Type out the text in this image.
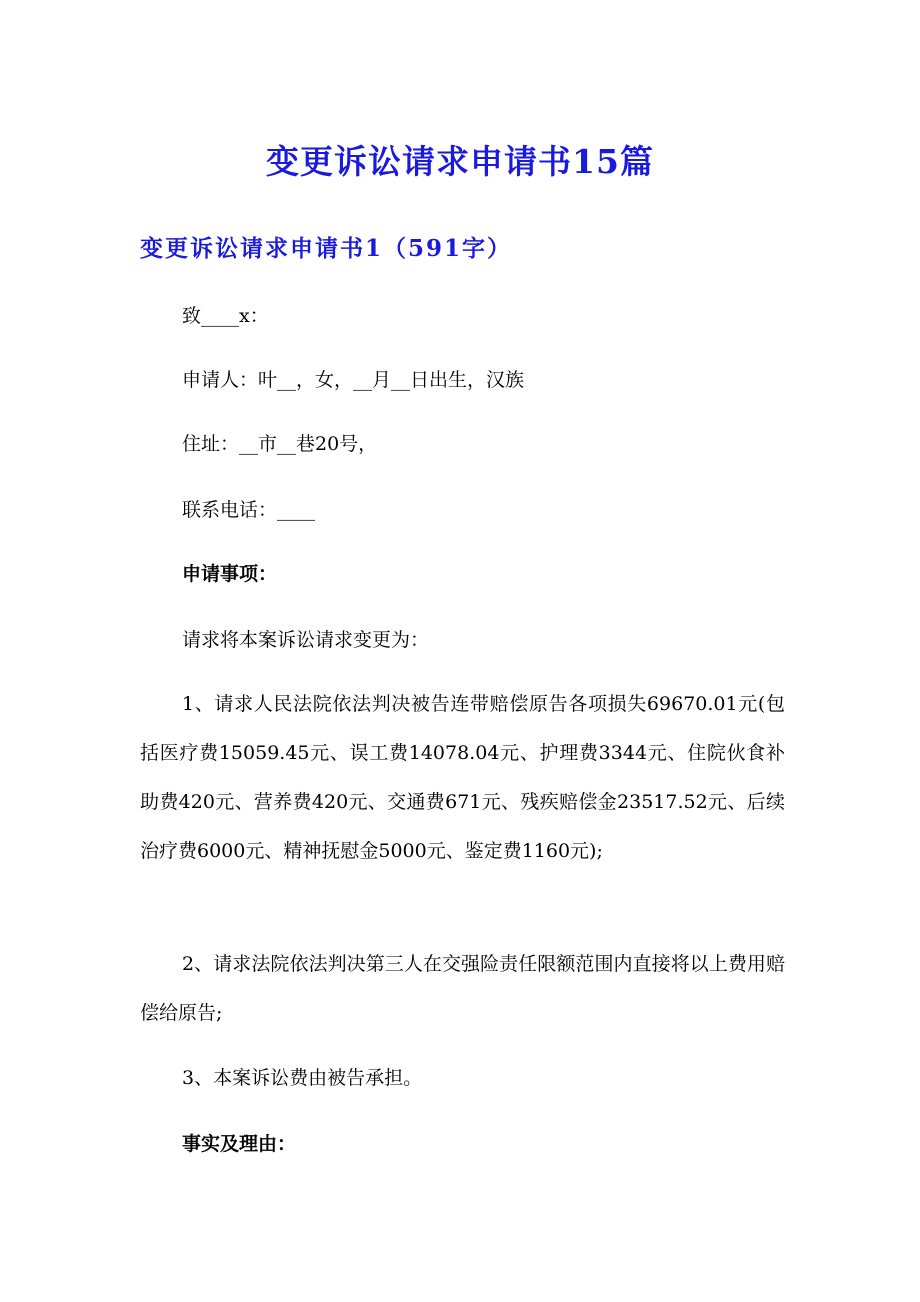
变更诉讼请求申请书15篇
变更诉讼请求申请书1（591字）

致____x：

申请人：叶__，女，__月__日出生，汉族

住址：__市__巷20号，

联系电话：____

申请事项：

请求将本案诉讼请求变更为：

1、请求人民法院依法判决被告连带赔偿原告各项损失69670.01元(包括医疗费15059.45元、误工费14078.04元、护理费3344元、住院伙食补助费420元、营养费420元、交通费671元、残疾赔偿金23517.52元、后续治疗费6000元、精神抚慰金5000元、鉴定费1160元);

2、请求法院依法判决第三人在交强险责任限额范围内直接将以上费用赔偿给原告;

3、本案诉讼费由被告承担。

事实及理由：
